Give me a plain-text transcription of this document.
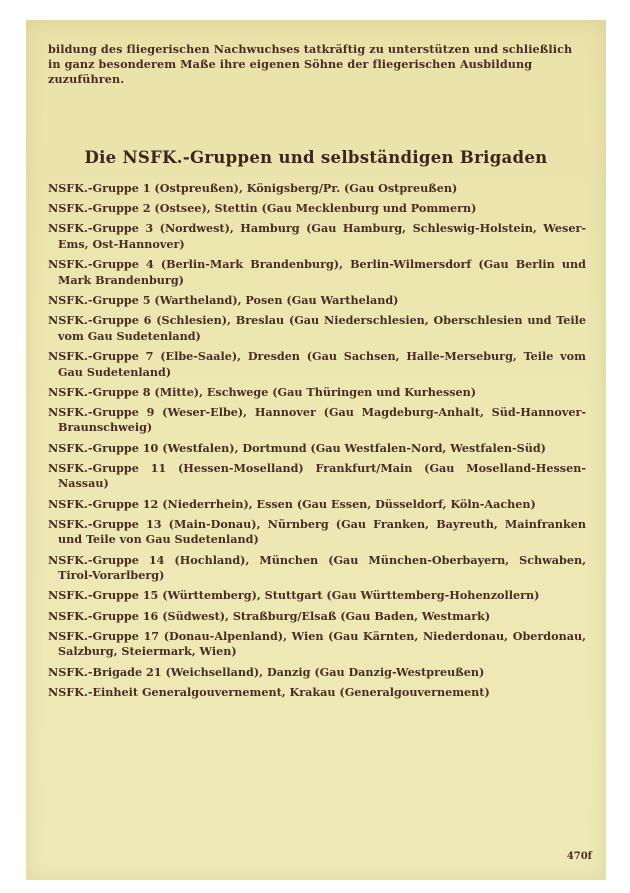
bildung des fliegerischen Nachwuchses tatkräftig zu unterstützen und schließlich in ganz besonderem Maße ihre eigenen Söhne der fliegerischen Ausbildung zuzuführen.

Die NSFK.-Gruppen und selbständigen Brigaden
NSFK.-Gruppe 1 (Ostpreußen), Königsberg/Pr. (Gau Ostpreußen)
NSFK.-Gruppe 2 (Ostsee), Stettin (Gau Mecklenburg und Pommern)
NSFK.-Gruppe 3 (Nordwest), Hamburg (Gau Hamburg, Schleswig-Holstein, Weser-Ems, Ost-Hannover)
NSFK.-Gruppe 4 (Berlin-Mark Brandenburg), Berlin-Wilmersdorf (Gau Berlin und Mark Brandenburg)
NSFK.-Gruppe 5 (Wartheland), Posen (Gau Wartheland)
NSFK.-Gruppe 6 (Schlesien), Breslau (Gau Niederschlesien, Oberschlesien und Teile vom Gau Sudetenland)
NSFK.-Gruppe 7 (Elbe-Saale), Dresden (Gau Sachsen, Halle-Merseburg, Teile vom Gau Sudetenland)
NSFK.-Gruppe 8 (Mitte), Eschwege (Gau Thüringen und Kurhessen)
NSFK.-Gruppe 9 (Weser-Elbe), Hannover (Gau Magdeburg-Anhalt, Süd-Hannover-Braunschweig)
NSFK.-Gruppe 10 (Westfalen), Dortmund (Gau Westfalen-Nord, Westfalen-Süd)
NSFK.-Gruppe 11 (Hessen-Moselland) Frankfurt/Main (Gau Moselland-Hessen-Nassau)
NSFK.-Gruppe 12 (Niederrhein), Essen (Gau Essen, Düsseldorf, Köln-Aachen)
NSFK.-Gruppe 13 (Main-Donau), Nürnberg (Gau Franken, Bayreuth, Mainfranken und Teile von Gau Sudetenland)
NSFK.-Gruppe 14 (Hochland), München (Gau München-Oberbayern, Schwaben, Tirol-Vorarlberg)
NSFK.-Gruppe 15 (Württemberg), Stuttgart (Gau Württemberg-Hohenzollern)
NSFK.-Gruppe 16 (Südwest), Straßburg/Elsaß (Gau Baden, Westmark)
NSFK.-Gruppe 17 (Donau-Alpenland), Wien (Gau Kärnten, Niederdonau, Oberdonau, Salzburg, Steiermark, Wien)
NSFK.-Brigade 21 (Weichselland), Danzig (Gau Danzig-Westpreußen)
NSFK.-Einheit Generalgouvernement, Krakau (Generalgouvernement)
470f
